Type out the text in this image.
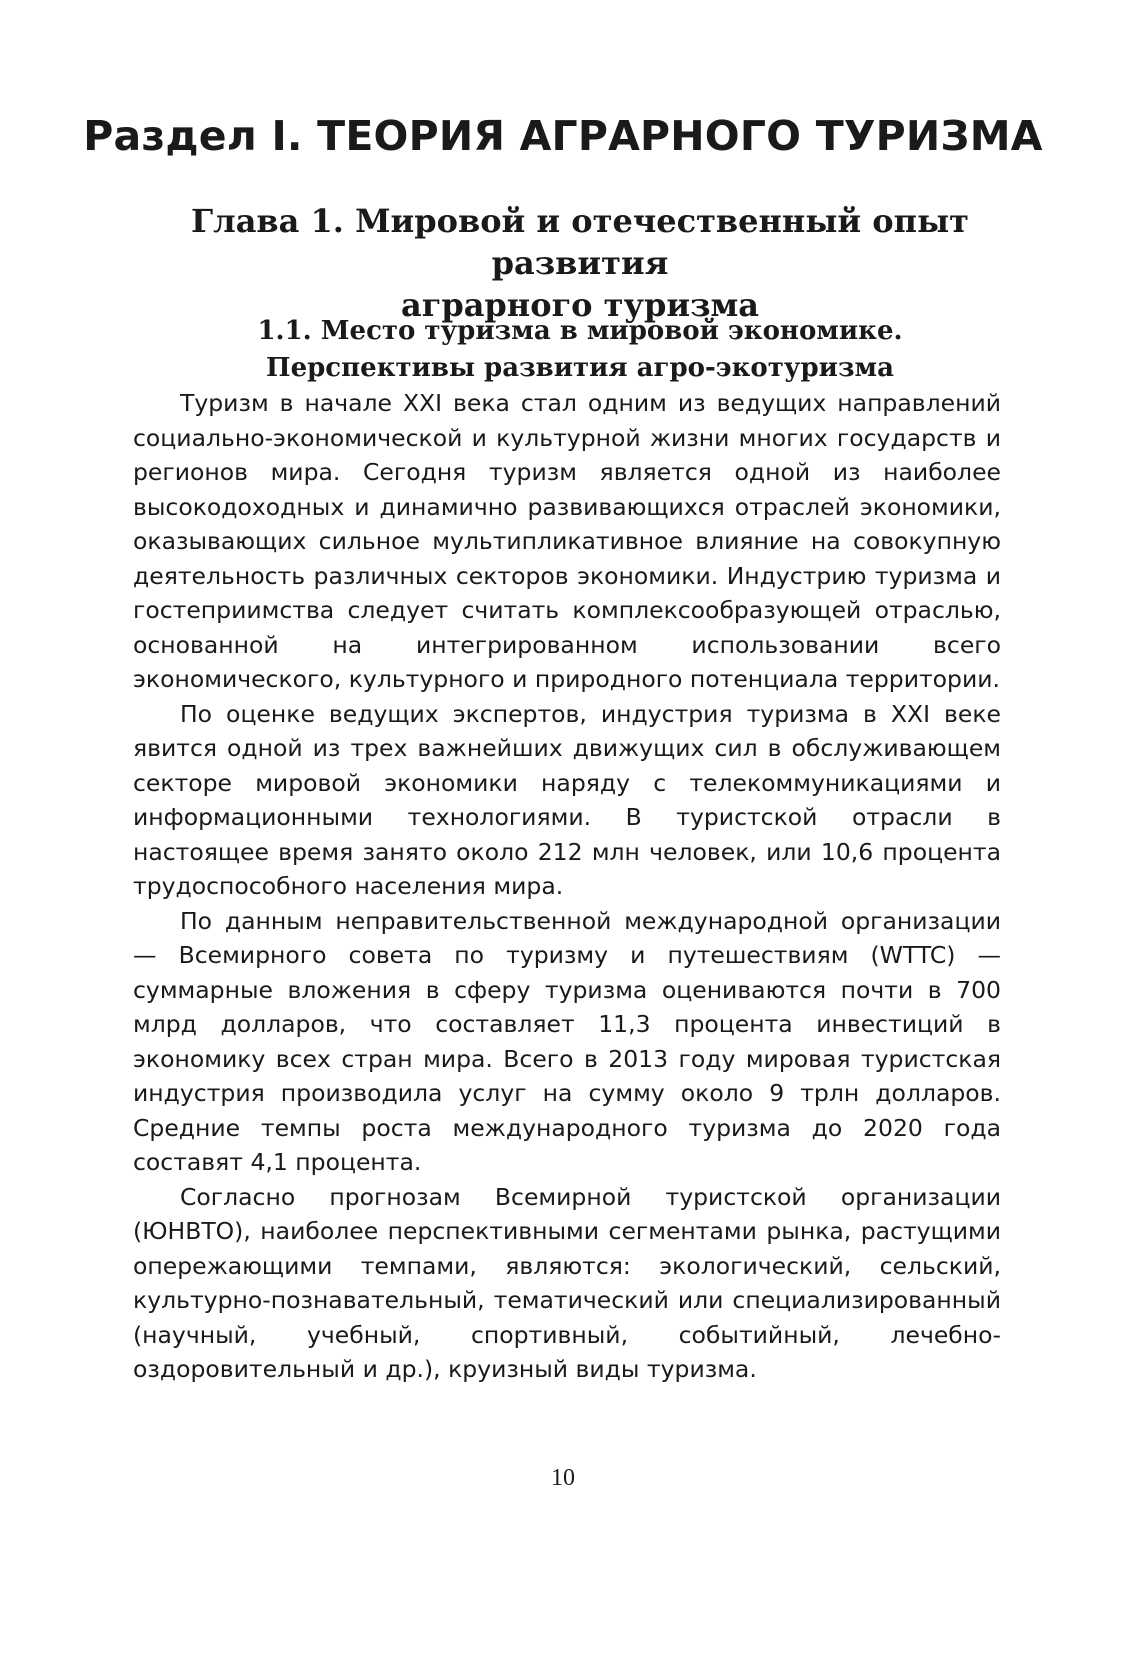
Раздел I. ТЕОРИЯ АГРАРНОГО ТУРИЗМА
Глава 1. Мировой и отечественный опыт развития
аграрного туризма
1.1. Место туризма в мировой экономике.
Перспективы развития агро-экотуризма

Туризм в начале XXI века стал одним из ведущих направлений социально-экономической и культурной жизни многих государств и регионов мира. Сегодня туризм является одной из наиболее высокодоходных и динамично развивающихся отраслей экономики, оказывающих сильное мультипликативное влияние на совокупную деятельность различных секторов экономики. Индустрию туризма и гостеприимства следует считать комплексообразующей отраслью, основанной на интегрированном использовании всего экономического, культурного и природного потенциала территории.

По оценке ведущих экспертов, индустрия туризма в XXI веке явится одной из трех важнейших движущих сил в обслуживающем секторе мировой экономики наряду с телекоммуникациями и информационными технологиями. В туристской отрасли в настоящее время занято около 212 млн человек, или 10,6 процента трудоспособного населения мира.

По данным неправительственной международной организации — Всемирного совета по туризму и путешествиям (WTTC) — суммарные вложения в сферу туризма оцениваются почти в 700 млрд долларов, что составляет 11,3 процента инвестиций в экономику всех стран мира. Всего в 2013 году мировая туристская индустрия производила услуг на сумму около 9 трлн долларов. Средние темпы роста международного туризма до 2020 года составят 4,1 процента.

Согласно прогнозам Всемирной туристской организации (ЮНВТО), наиболее перспективными сегментами рынка, растущими опережающими темпами, являются: экологический, сельский, культурно-познавательный, тематический или специализированный (научный, учебный, спортивный, событийный, лечебно-оздоровительный и др.), круизный виды туризма.

10
